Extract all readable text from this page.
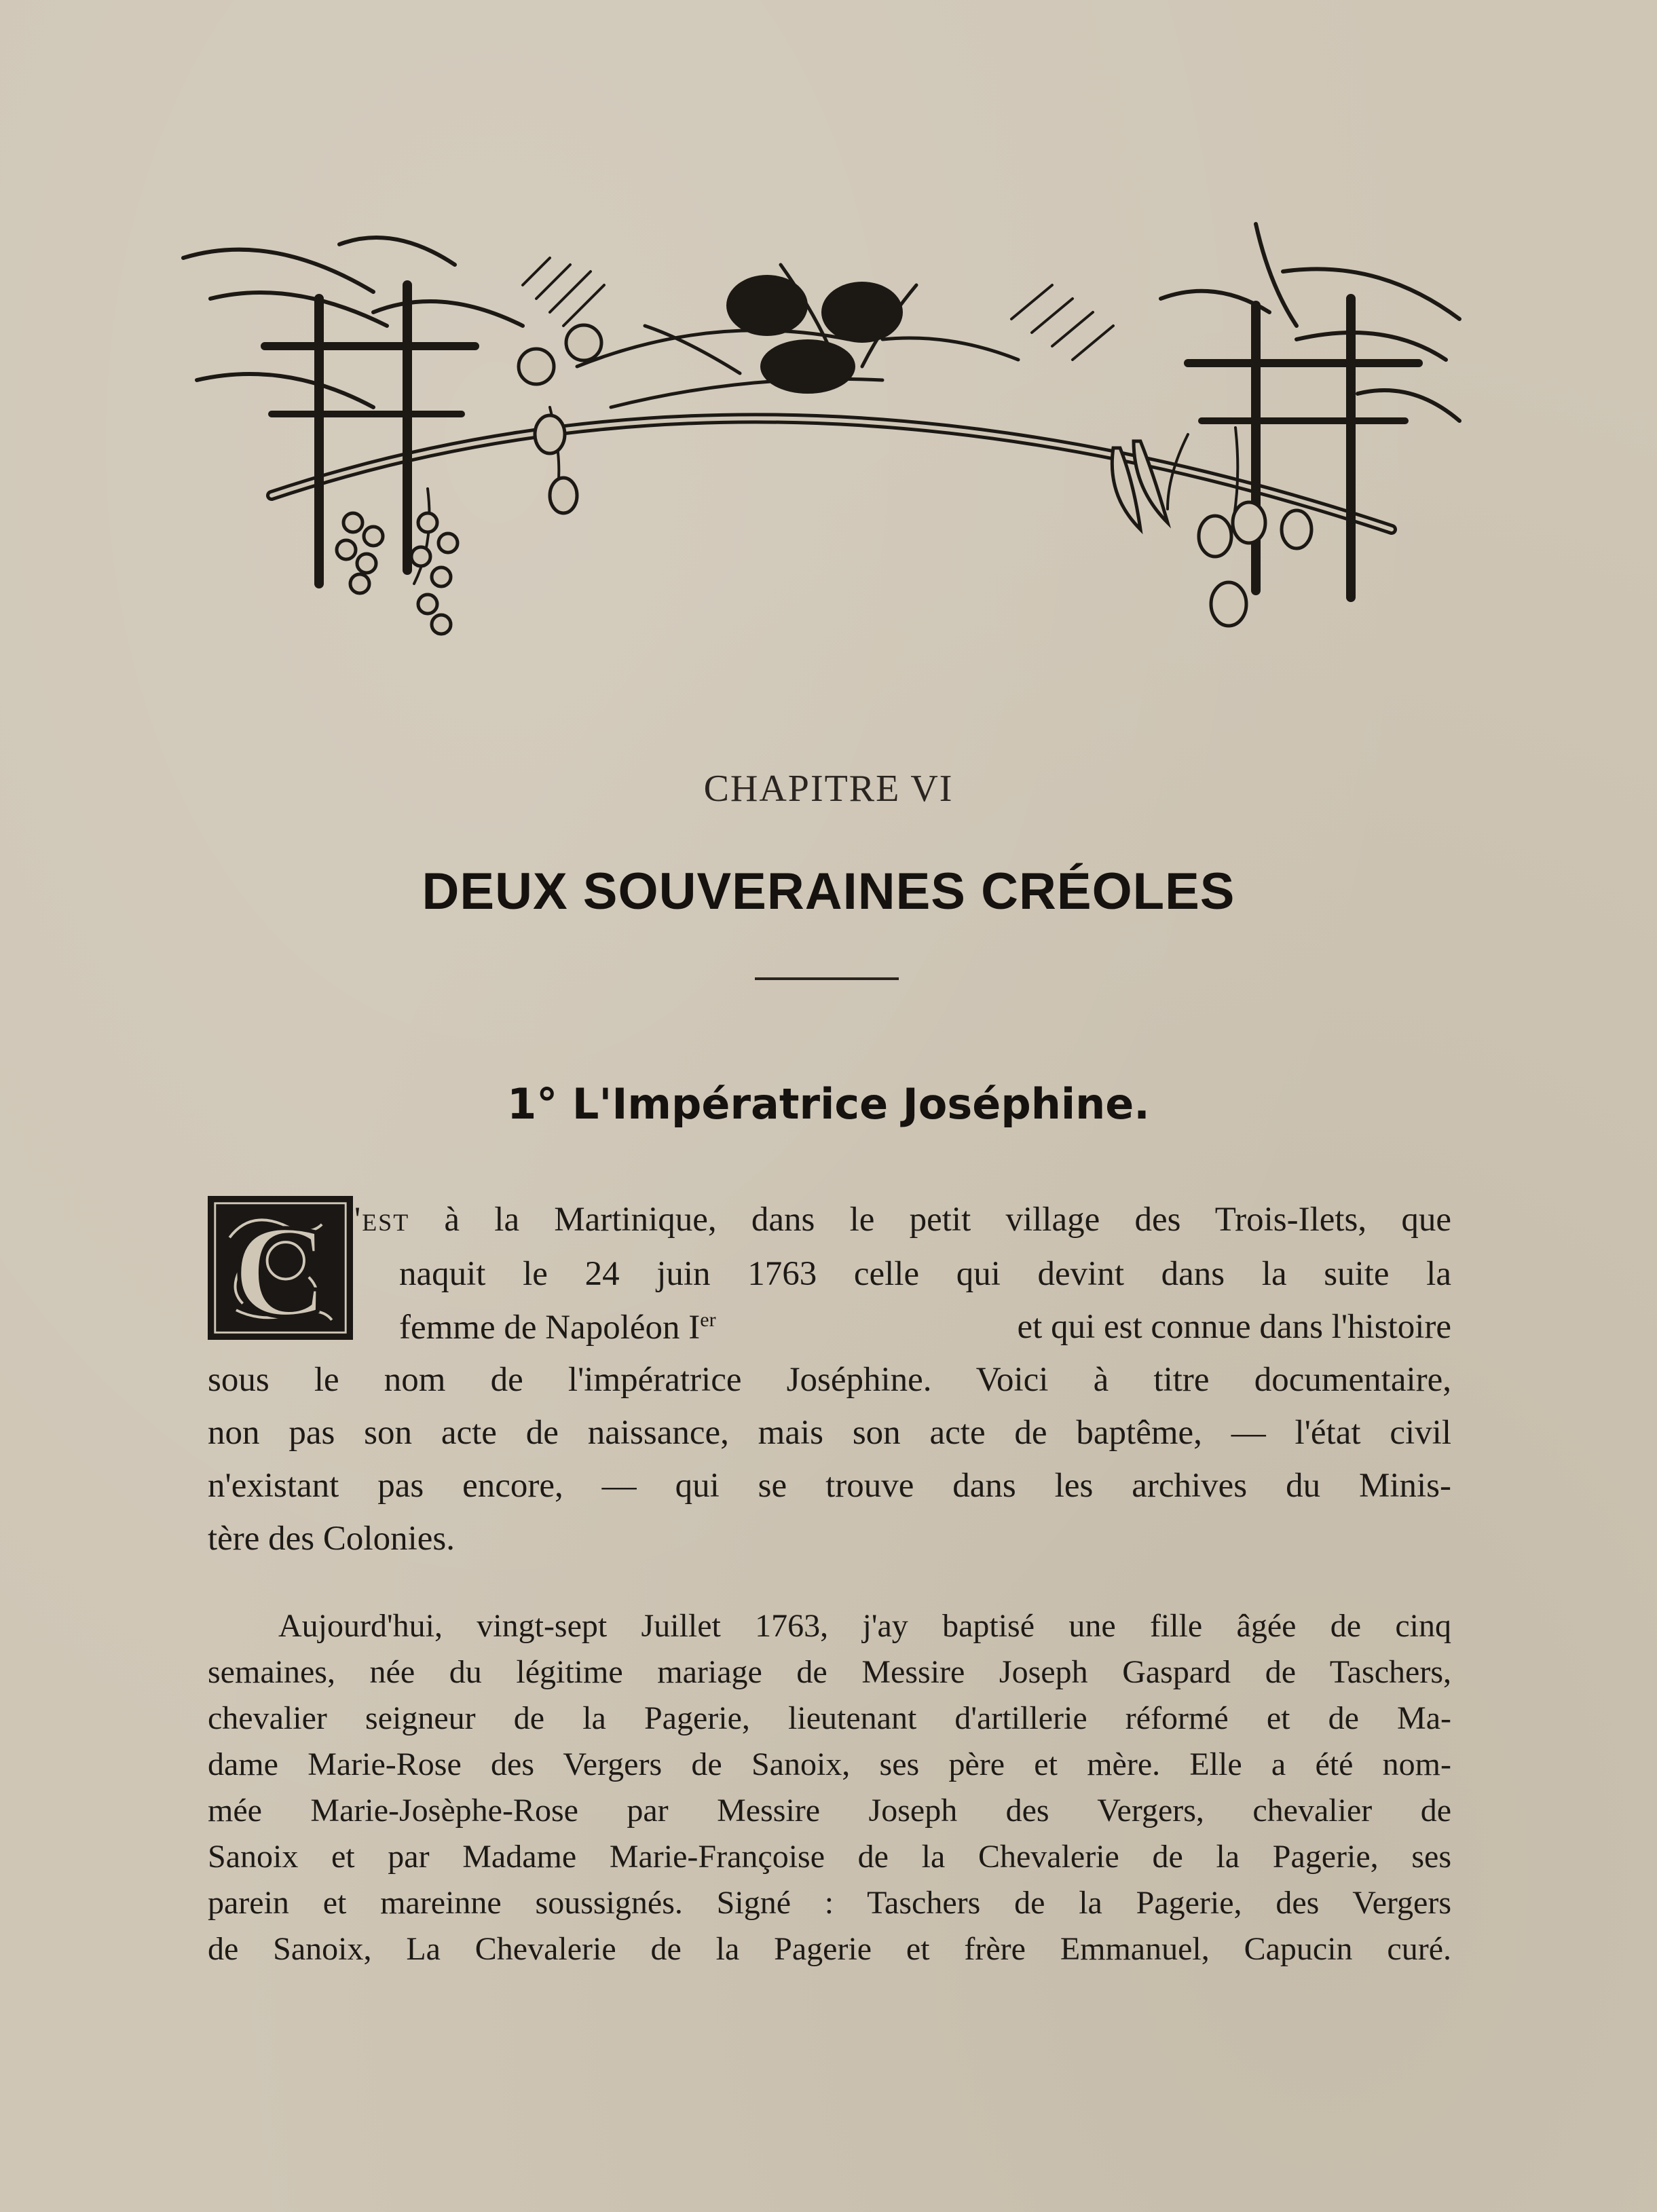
CHAPITRE VI
DEUX SOUVERAINES CRÉOLES
1° L'Impératrice Joséphine.
C 'est à la Martinique, dans le petit village des Trois-Ilets, que
naquit le 24 juin 1763 celle qui devint dans la suite la
femme de Napoléon Ier	et qui est connue dans l'histoire
sous le nom de l'impératrice Joséphine. Voici à titre documentaire,
non pas son acte de naissance, mais son acte de baptême, — l'état civil
n'existant pas encore, — qui se trouve dans les archives du Minis-
tère des Colonies.
Aujourd'hui, vingt-sept Juillet 1763, j'ay baptisé une fille âgée de cinq
semaines, née du légitime mariage de Messire Joseph Gaspard de Taschers,
chevalier seigneur de la Pagerie, lieutenant d'artillerie réformé et de Ma-
dame Marie-Rose des Vergers de Sanoix, ses père et mère. Elle a été nom-
mée Marie-Josèphe-Rose par Messire Joseph des Vergers, chevalier de
Sanoix et par Madame Marie-Françoise de la Chevalerie de la Pagerie, ses
parein et mareinne soussignés. Signé : Taschers de la Pagerie, des Vergers
de Sanoix, La Chevalerie de la Pagerie et frère Emmanuel, Capucin curé.
